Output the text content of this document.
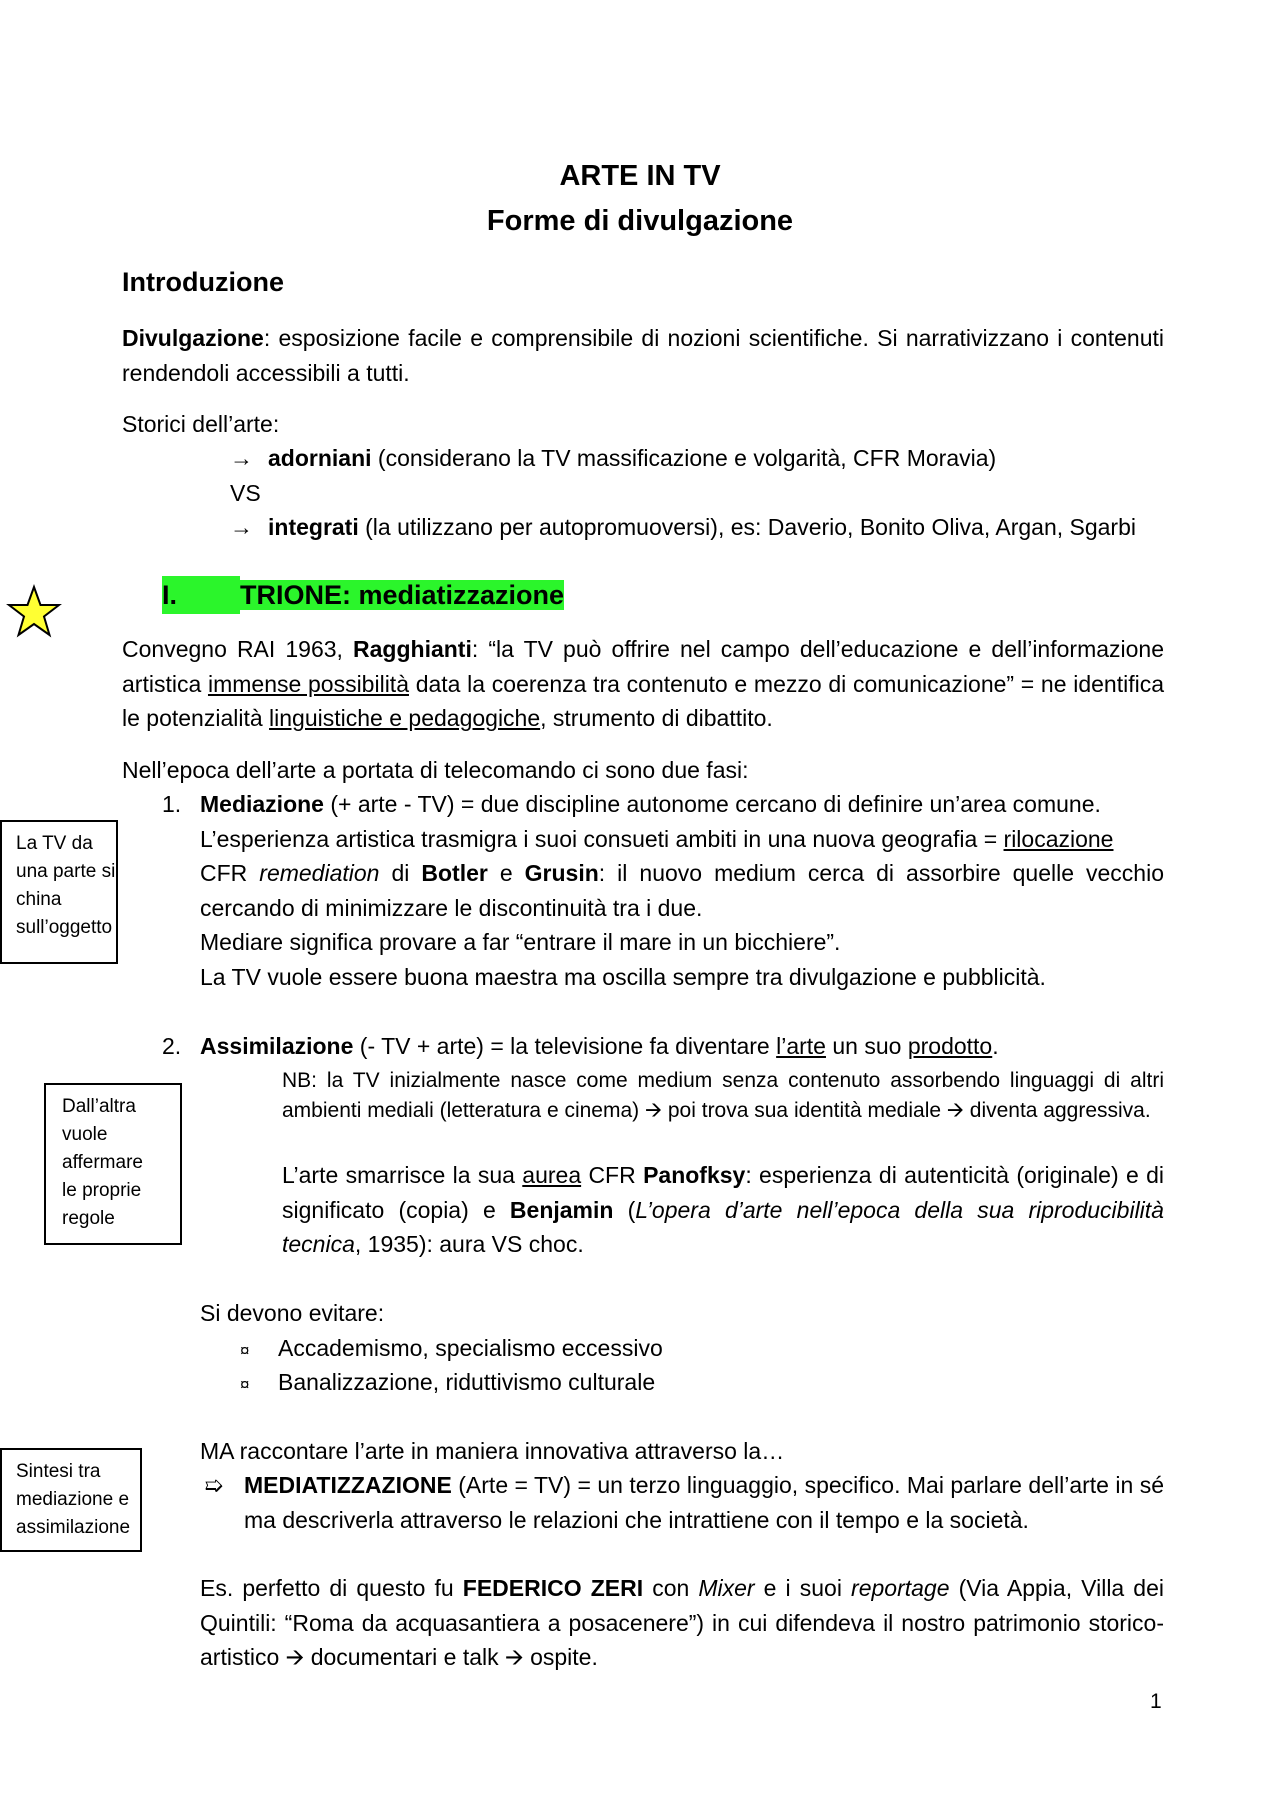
ARTE IN TV
Forme di divulgazione
Introduzione

Divulgazione: esposizione facile e comprensibile di nozioni scientifiche. Si narrativizzano i contenuti rendendoli accessibili a tutti.

Storici dell’arte:

→ adorniani (considerano la TV massificazione e volgarità, CFR Moravia)

VS

→ integrati (la utilizzano per autopromuoversi), es: Daverio, Bonito Oliva, Argan, Sgarbi

I. TRIONE: mediatizzazione

Convegno RAI 1963, Ragghianti: “la TV può offrire nel campo dell’educazione e dell’informazione artistica immense possibilità data la coerenza tra contenuto e mezzo di comunicazione” = ne identifica le potenzialità linguistiche e pedagogiche, strumento di dibattito.

Nell’epoca dell’arte a portata di telecomando ci sono due fasi:

1. Mediazione (+ arte - TV) = due discipline autonome cercano di definire un’area comune.

L’esperienza artistica trasmigra i suoi consueti ambiti in una nuova geografia = rilocazione

CFR remediation di Botler e Grusin: il nuovo medium cerca di assorbire quelle vecchio cercando di minimizzare le discontinuità tra i due.

Mediare significa provare a far “entrare il mare in un bicchiere”.

La TV vuole essere buona maestra ma oscilla sempre tra divulgazione e pubblicità.

2. Assimilazione (- TV + arte) = la televisione fa diventare l’arte un suo prodotto.

NB: la TV inizialmente nasce come medium senza contenuto assorbendo linguaggi di altri ambienti mediali (letteratura e cinema) 🡪 poi trova sua identità mediale 🡪 diventa aggressiva.

L’arte smarrisce la sua aurea CFR Panofksy: esperienza di autenticità (originale) e di significato (copia) e Benjamin (L’opera d’arte nell’epoca della sua riproducibilità tecnica, 1935): aura VS choc.

Si devono evitare:

¤ Accademismo, specialismo eccessivo

¤ Banalizzazione, riduttivismo culturale

MA raccontare l’arte in maniera innovativa attraverso la…

➯ MEDIATIZZAZIONE (Arte = TV) = un terzo linguaggio, specifico. Mai parlare dell’arte in sé ma descriverla attraverso le relazioni che intrattiene con il tempo e la società.

Es. perfetto di questo fu FEDERICO ZERI con Mixer e i suoi reportage (Via Appia, Villa dei Quintili: “Roma da acquasantiera a posacenere”) in cui difendeva il nostro patrimonio storico-artistico 🡪 documentari e talk 🡪 ospite.

La TV da
una parte si
china
sull’oggetto
Dall’altra
vuole
affermare
le proprie
regole
Sintesi tra
mediazione e
assimilazione
1
